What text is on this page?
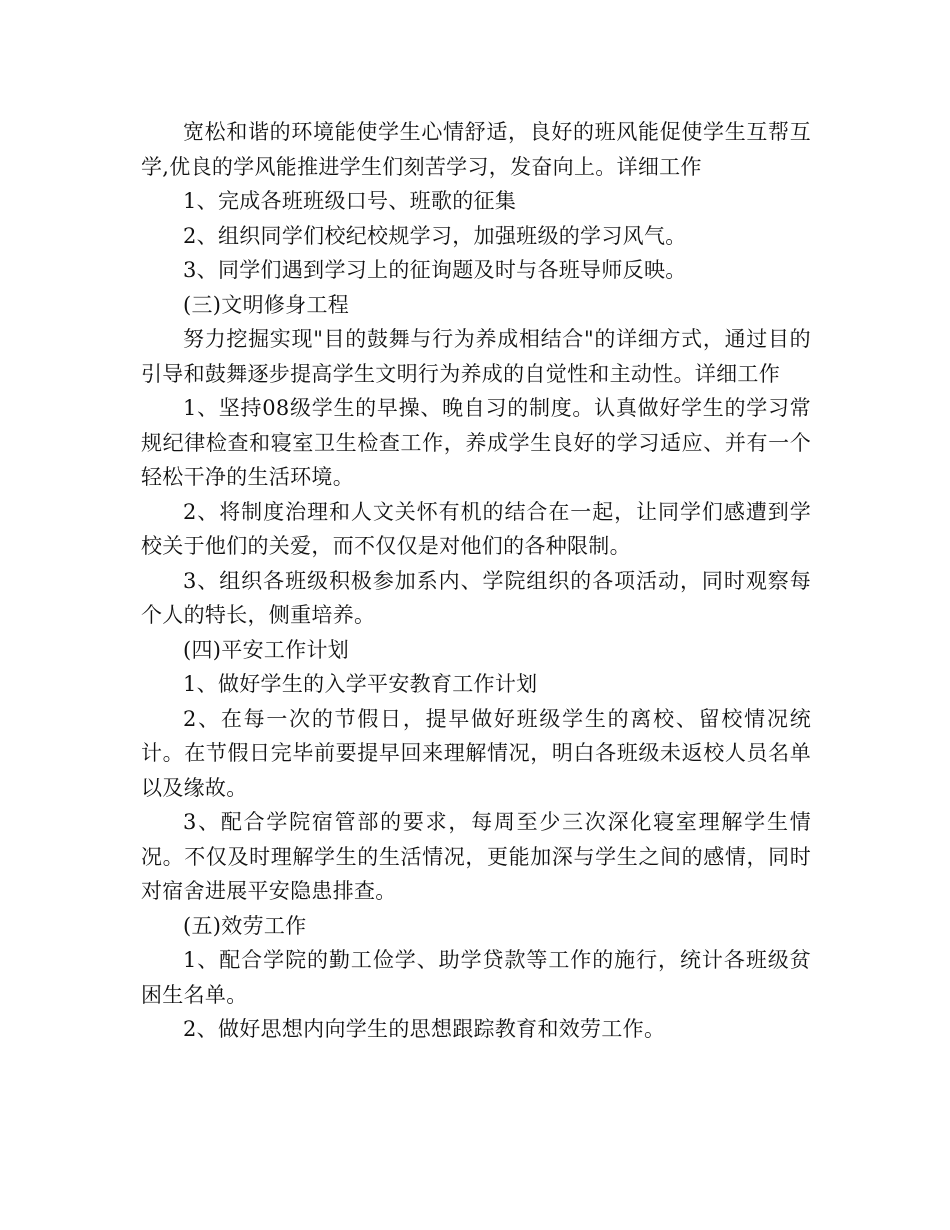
宽松和谐的环境能使学生心情舒适，良好的班风能促使学生互帮互学,优良的学风能推进学生们刻苦学习，发奋向上。详细工作

1、完成各班班级口号、班歌的征集

2、组织同学们校纪校规学习，加强班级的学习风气。

3、同学们遇到学习上的征询题及时与各班导师反映。

(三)文明修身工程

努力挖掘实现"目的鼓舞与行为养成相结合"的详细方式，通过目的引导和鼓舞逐步提高学生文明行为养成的自觉性和主动性。详细工作

1、坚持08级学生的早操、晚自习的制度。认真做好学生的学习常规纪律检查和寝室卫生检查工作，养成学生良好的学习适应、并有一个轻松干净的生活环境。

2、将制度治理和人文关怀有机的结合在一起，让同学们感遭到学校关于他们的关爱，而不仅仅是对他们的各种限制。

3、组织各班级积极参加系内、学院组织的各项活动，同时观察每个人的特长，侧重培养。

(四)平安工作计划

1、做好学生的入学平安教育工作计划

2、在每一次的节假日，提早做好班级学生的离校、留校情况统计。在节假日完毕前要提早回来理解情况，明白各班级未返校人员名单以及缘故。

3、配合学院宿管部的要求，每周至少三次深化寝室理解学生情况。不仅及时理解学生的生活情况，更能加深与学生之间的感情，同时对宿舍进展平安隐患排查。

(五)效劳工作

1、配合学院的勤工俭学、助学贷款等工作的施行，统计各班级贫困生名单。

2、做好思想内向学生的思想跟踪教育和效劳工作。
